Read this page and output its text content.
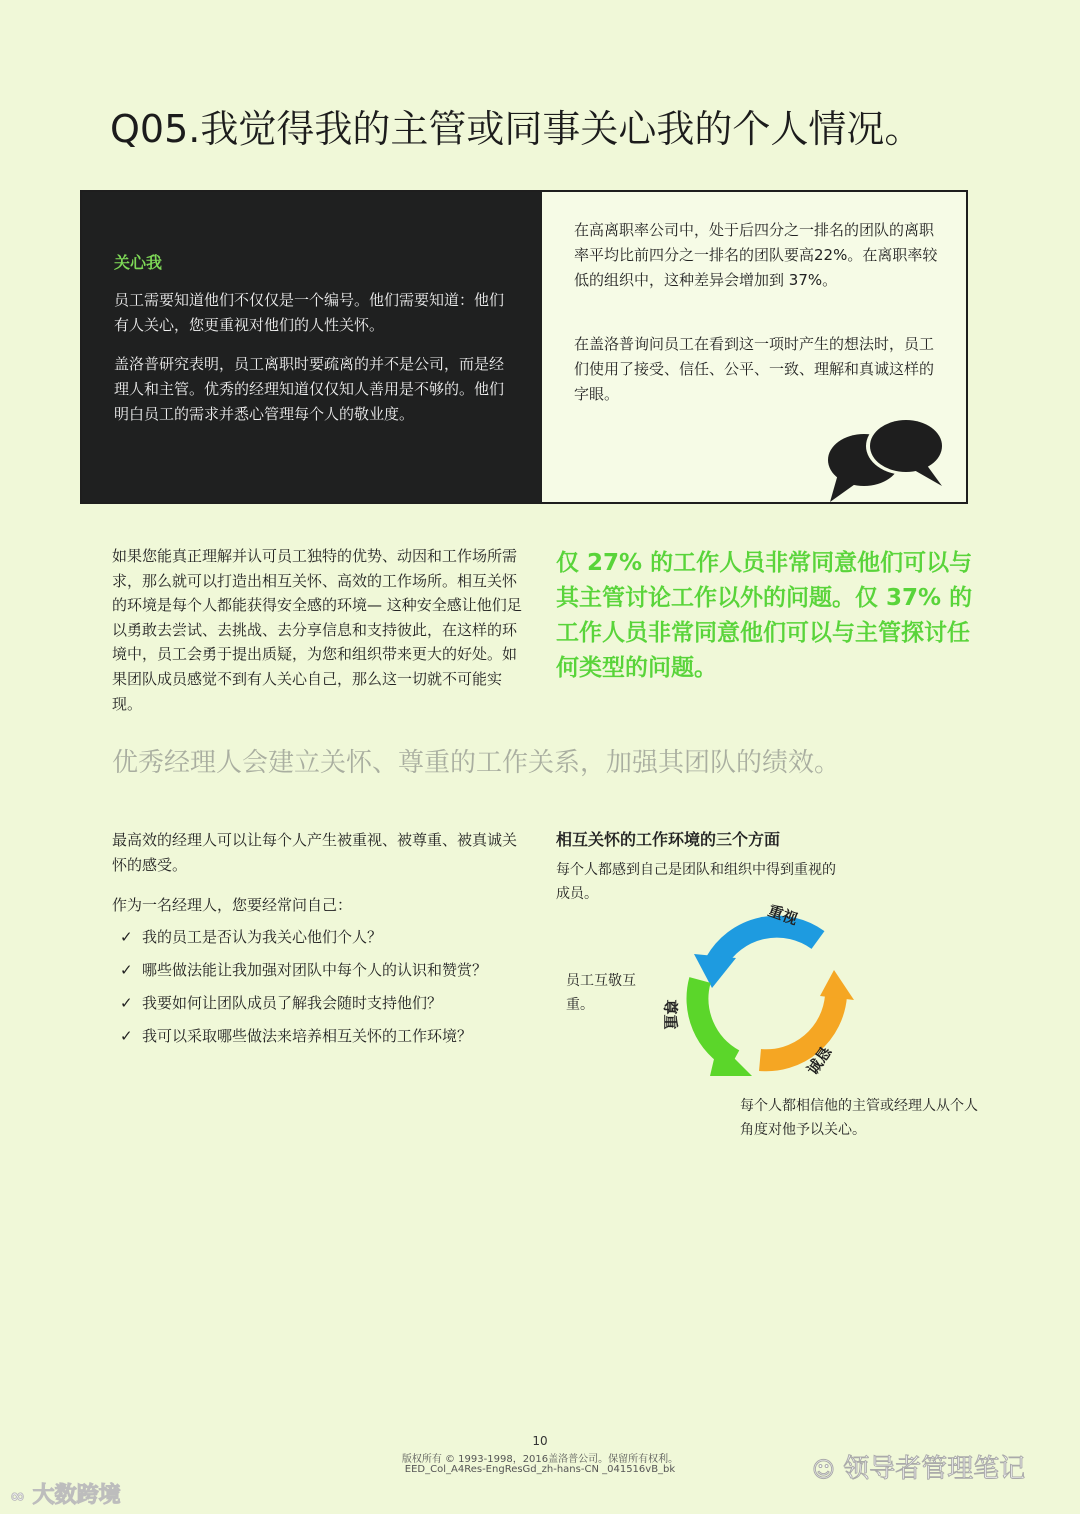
Q05.我觉得我的主管或同事关心我的个人情况。
关心我
员工需要知道他们不仅仅是一个编号。他们需要知道：他们有人关心，您更重视对他们的人性关怀。
盖洛普研究表明，员工离职时要疏离的并不是公司，而是经理人和主管。优秀的经理知道仅仅知人善用是不够的。他们明白员工的需求并悉心管理每个人的敬业度。
在高离职率公司中，处于后四分之一排名的团队的离职率平均比前四分之一排名的团队要高22%。在离职率较低的组织中，这种差异会增加到 37%。
在盖洛普询问员工在看到这一项时产生的想法时，员工们使用了接受、信任、公平、一致、理解和真诚这样的字眼。
如果您能真正理解并认可员工独特的优势、动因和工作场所需求，那么就可以打造出相互关怀、高效的工作场所。相互关怀的环境是每个人都能获得安全感的环境— 这种安全感让他们足以勇敢去尝试、去挑战、去分享信息和支持彼此，在这样的环境中，员工会勇于提出质疑，为您和组织带来更大的好处。如果团队成员感觉不到有人关心自己，那么这一切就不可能实现。
仅 27% 的工作人员非常同意他们可以与其主管讨论工作以外的问题。仅 37% 的工作人员非常同意他们可以与主管探讨任何类型的问题。
优秀经理人会建立关怀、尊重的工作关系，加强其团队的绩效。
最高效的经理人可以让每个人产生被重视、被尊重、被真诚关怀的感受。
作为一名经理人，您要经常问自己：
✓ 我的员工是否认为我关心他们个人？
✓ 哪些做法能让我加强对团队中每个人的认识和赞赏？
✓ 我要如何让团队成员了解我会随时支持他们？
✓ 我可以采取哪些做法来培养相互关怀的工作环境？
相互关怀的工作环境的三个方面
每个人都感到自己是团队和组织中得到重视的成员。
员工互敬互重。
每个人都相信他的主管或经理人从个人角度对他予以关心。
重视
尊重
诚恳
10
版权所有 © 1993-1998，2016盖洛普公司。保留所有权利。
EED_Col_A4Res-EngResGd_zh-hans-CN _041516vB_bk
∞ 大数跨境
☺ 领导者管理笔记
